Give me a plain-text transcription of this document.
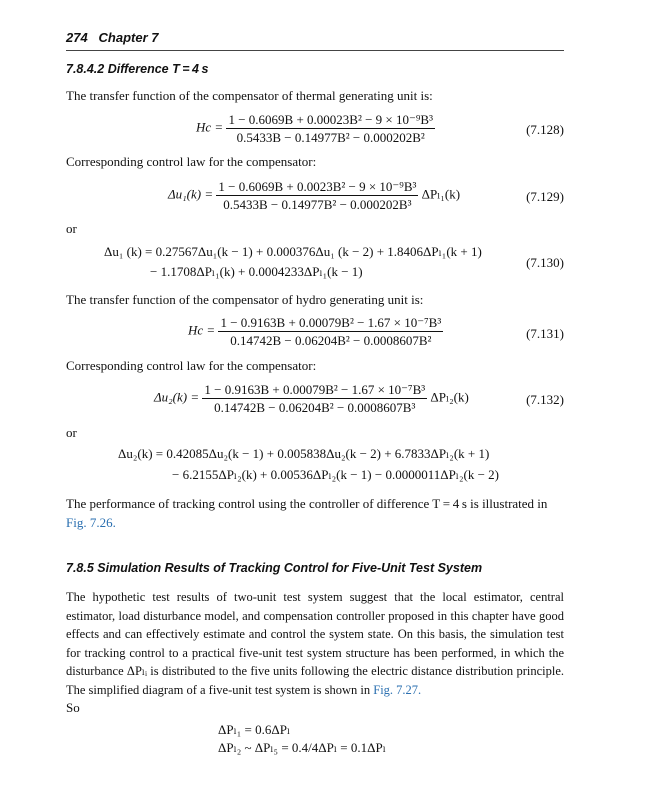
274 Chapter 7
7.8.4.2 Difference T = 4 s
The transfer function of the compensator of thermal generating unit is:
$Hc = \frac{\text{1 − 0.6069B + 0.00023B² − 9 × 10⁻⁹B³}}{\text{0.5433B − 0.14977B² − 0.000202B²}}$	(7.128)
Corresponding control law for the compensator:
$\Delta u_1(k) = \frac{\text{1 − 0.6069B + 0.0023B² − 9 × 10⁻⁹B³}}{\text{0.5433B − 0.14977B² − 0.000202B³}} \Delta P_{l1}(k)$	(7.129)
or
Δu₁ (k) = 0.27567Δu₁(k − 1) + 0.000376Δu₁ (k − 2) + 1.8406ΔPₗ₁(k + 1)
− 1.1708ΔPₗ₁(k) + 0.0004233ΔPₗ₁(k − 1)
(7.130)
The transfer function of the compensator of hydro generating unit is:
$Hc = \frac{\text{1 − 0.9163B + 0.00079B² − 1.67 × 10⁻⁷B³}}{\text{0.14742B − 0.06204B² − 0.0008607B²}}$	(7.131)
Corresponding control law for the compensator:
$\Delta u_2(k) = \frac{\text{1 − 0.9163B + 0.00079B² − 1.67 × 10⁻⁷B³}}{\text{0.14742B − 0.06204B² − 0.0008607B³}} \Delta P_{l2}(k)$	(7.132)
or
Δu₂(k) = 0.42085Δu₂(k − 1) + 0.005838Δu₂(k − 2) + 6.7833ΔPₗ₂(k + 1)
− 6.2155ΔPₗ₂(k) + 0.00536ΔPₗ₂(k − 1) − 0.0000011ΔPₗ₂(k − 2)
The performance of tracking control using the controller of difference T = 4 s is illustrated in Fig. 7.26.
7.8.5 Simulation Results of Tracking Control for Five-Unit Test System
The hypothetic test results of two-unit test system suggest that the local estimator, central estimator, load disturbance model, and compensation controller proposed in this chapter have good effects and can effectively estimate and control the system state. On this basis, the simulation test for tracking control to a practical five-unit test system structure has been performed, in which the disturbance ΔPₗᵢ is distributed to the five units following the electric distance distribution principle. The simplified diagram of a five-unit test system is shown in Fig. 7.27.
So
ΔPₗ₁ = 0.6ΔPₗ
ΔPₗ₂ ~ ΔPₗ₅ = 0.4/4ΔPₗ = 0.1ΔPₗ
